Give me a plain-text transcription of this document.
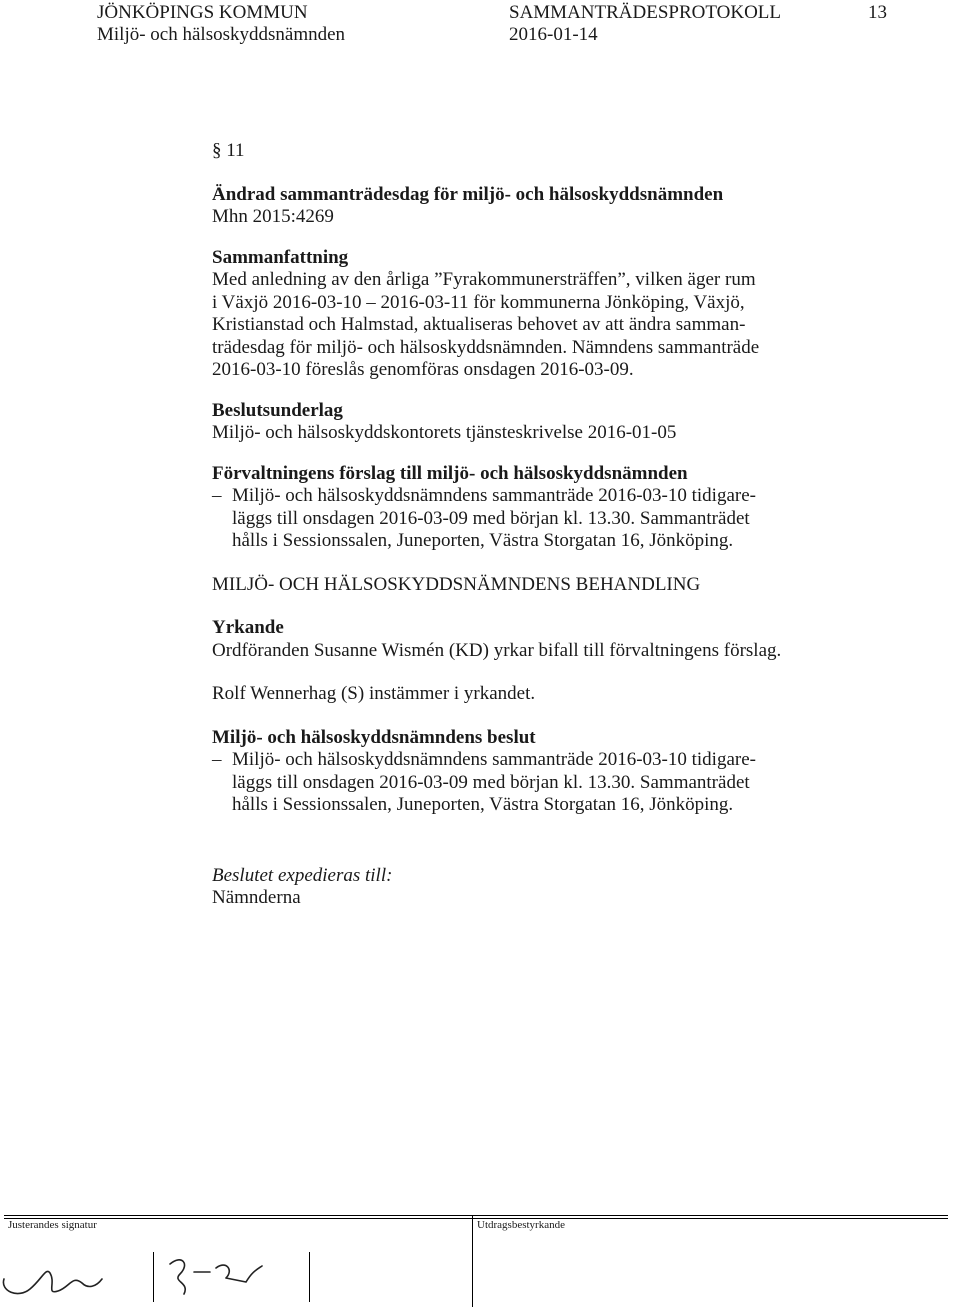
JÖNKÖPINGS KOMMUN
Miljö- och hälsoskyddsnämnden
SAMMANTRÄDESPROTOKOLL
2016-01-14
13

§ 11

Ändrad sammanträdesdag för miljö- och hälsoskyddsnämnden

Mhn 2015:4269

Sammanfattning

Med anledning av den årliga ”Fyrakommunersträffen”, vilken äger rum

i Växjö 2016-03-10 – 2016-03-11 för kommunerna Jönköping, Växjö,

Kristianstad och Halmstad, aktualiseras behovet av att ändra samman-

trädesdag för miljö- och hälsoskyddsnämnden. Nämndens sammanträde

2016-03-10 föreslås genomföras onsdagen 2016-03-09.

Beslutsunderlag

Miljö- och hälsoskyddskontorets tjänsteskrivelse 2016-01-05

Förvaltningens förslag till miljö- och hälsoskyddsnämnden

– Miljö- och hälsoskyddsnämndens sammanträde 2016-03-10 tidigare-

läggs till onsdagen 2016-03-09 med början kl. 13.30. Sammanträdet

hålls i Sessionssalen, Juneporten, Västra Storgatan 16, Jönköping.

MILJÖ- OCH HÄLSOSKYDDSNÄMNDENS BEHANDLING

Yrkande

Ordföranden Susanne Wismén (KD) yrkar bifall till förvaltningens förslag.

Rolf Wennerhag (S) instämmer i yrkandet.

Miljö- och hälsoskyddsnämndens beslut

– Miljö- och hälsoskyddsnämndens sammanträde 2016-03-10 tidigare-

läggs till onsdagen 2016-03-09 med början kl. 13.30. Sammanträdet

hålls i Sessionssalen, Juneporten, Västra Storgatan 16, Jönköping.

Beslutet expedieras till:

Nämnderna

Justerandes signatur	Utdragsbestyrkande
